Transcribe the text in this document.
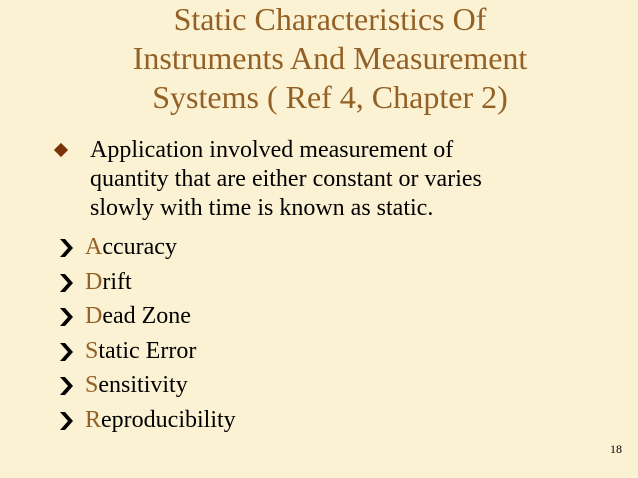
Static Characteristics Of
Instruments And Measurement
Systems ( Ref 4, Chapter 2)
Application involved measurement of
quantity that are either constant or varies
slowly with time is known as static.
A ccuracy
D rift
D ead Zone
S tatic Error
S ensitivity
R eproducibility
18
